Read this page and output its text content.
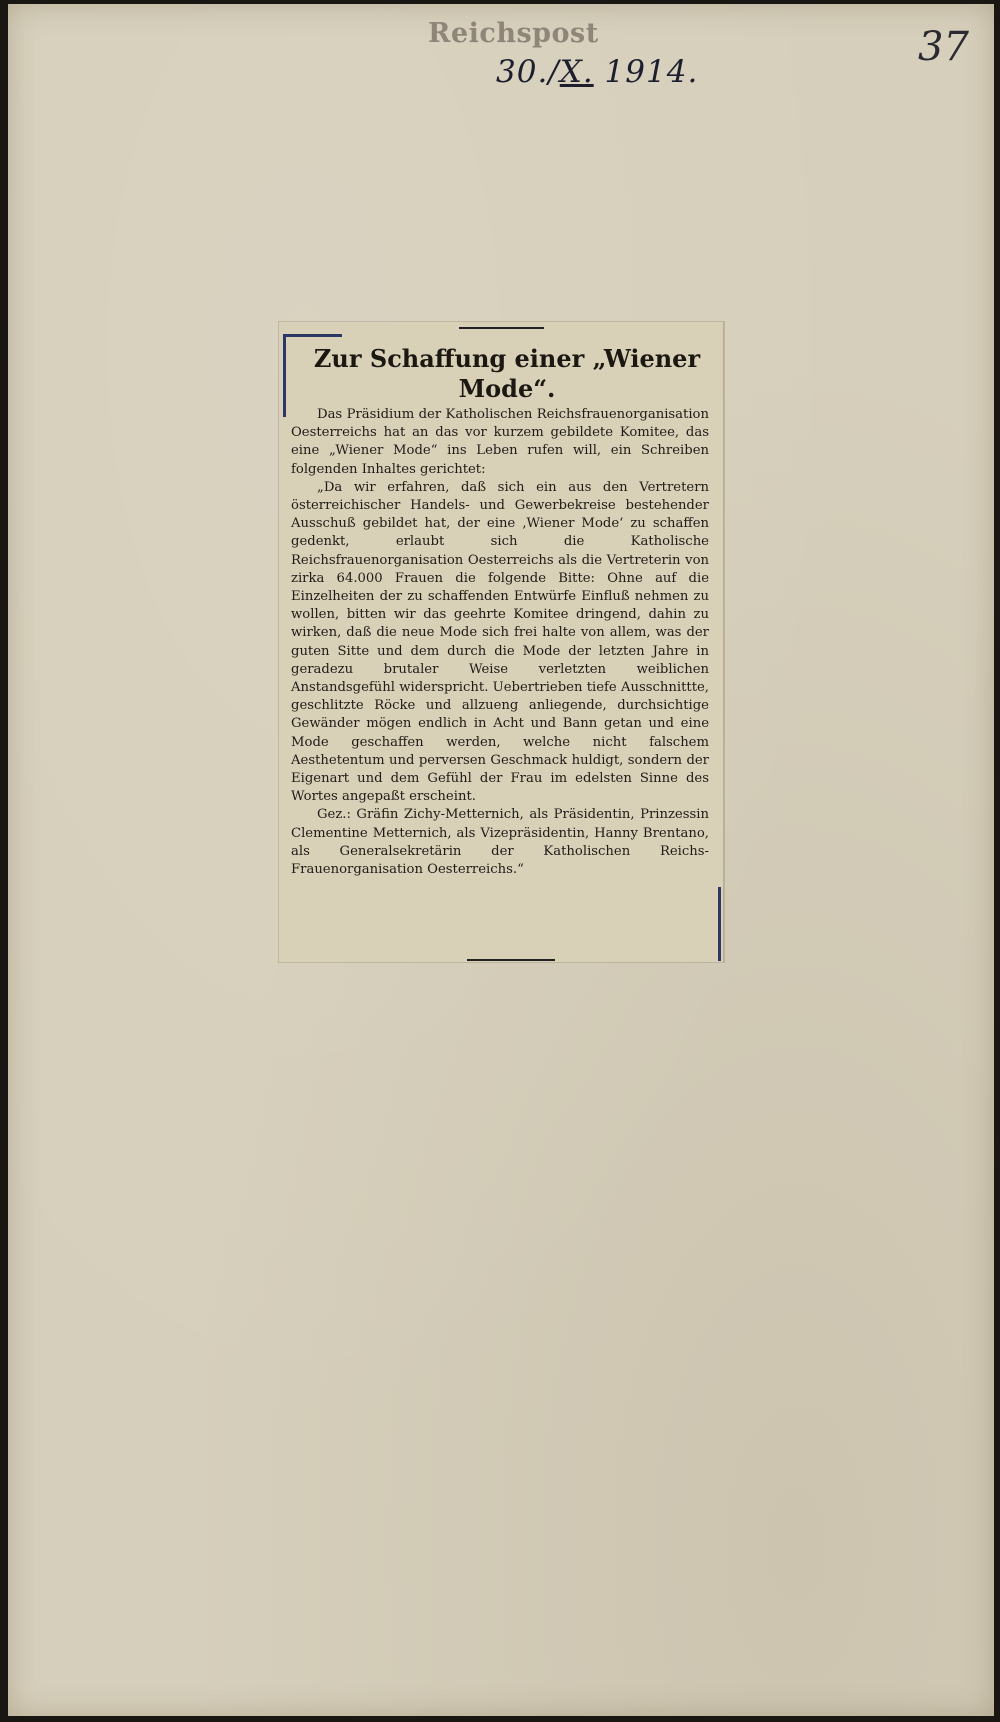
Reichspost
30./X. 1914.
37
Zur Schaffung einer „Wiener Mode“.

Das Präsidium der Katholischen Reichsfrauenorganisation Oesterreichs hat an das vor kurzem gebildete Komitee, das eine „Wiener Mode“ ins Leben rufen will, ein Schreiben folgenden Inhaltes gerichtet:

„Da wir erfahren, daß sich ein aus den Vertretern österreichischer Handels- und Gewerbekreise bestehender Ausschuß gebildet hat, der eine ‚Wiener Mode‘ zu schaffen gedenkt, erlaubt sich die Katholische Reichsfrauenorganisation Oesterreichs als die Vertreterin von zirka 64.000 Frauen die folgende Bitte: Ohne auf die Einzelheiten der zu schaffenden Entwürfe Einfluß nehmen zu wollen, bitten wir das geehrte Komitee dringend, dahin zu wirken, daß die neue Mode sich frei halte von allem, was der guten Sitte und dem durch die Mode der letzten Jahre in geradezu brutaler Weise verletzten weiblichen Anstandsgefühl widerspricht. Uebertrieben tiefe Ausschnittte, geschlitzte Röcke und allzueng anliegende, durchsichtige Gewänder mögen endlich in Acht und Bann getan und eine Mode geschaffen werden, welche nicht falschem Aesthetentum und perversen Geschmack huldigt, sondern der Eigenart und dem Gefühl der Frau im edelsten Sinne des Wortes angepaßt erscheint.

Gez.: Gräfin Zichy-Metternich, als Präsidentin, Prinzessin Clementine Metternich, als Vizepräsidentin, Hanny Brentano, als Generalsekretärin der Katholischen Reichs-Frauenorganisation Oesterreichs.“
